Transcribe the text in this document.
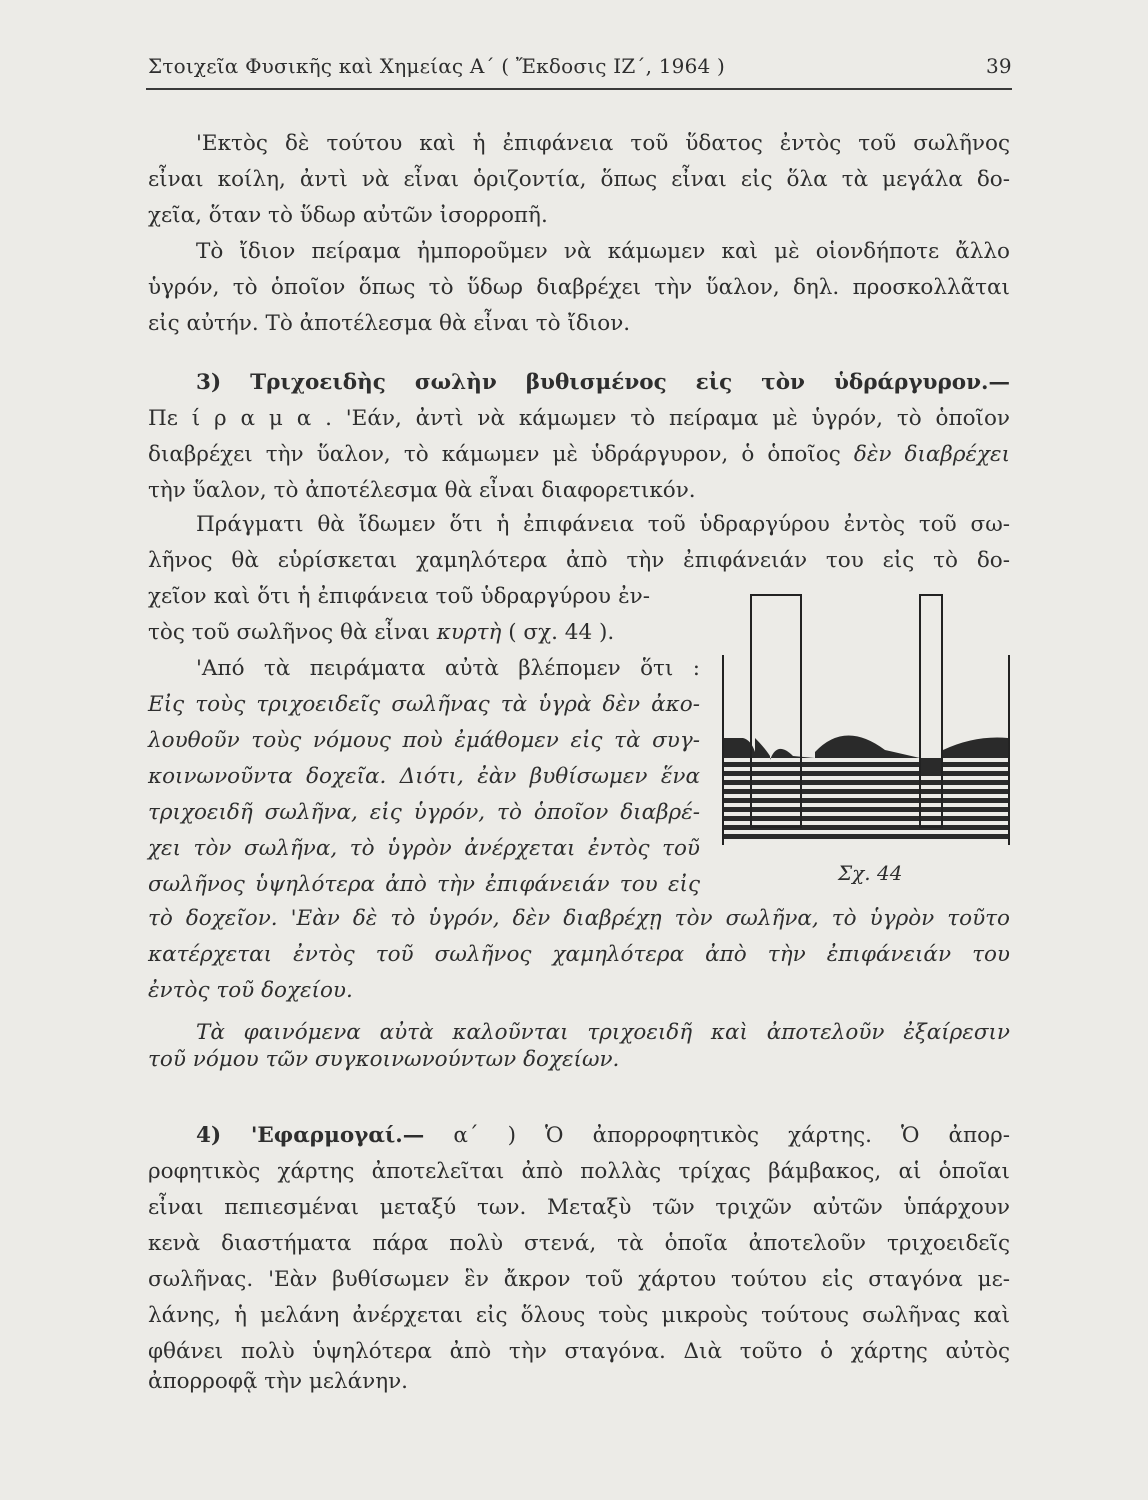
Στοιχεῖα Φυσικῆς καὶ Χημείας Α΄ ( Ἔκδοσις ΙΖ΄, 1964 )	39
'Εκτὸς δὲ τούτου καὶ ἡ ἐπιφάνεια τοῦ ὕδατος ἐντὸς τοῦ σωλῆνος
εἶναι κοίλη, ἀντὶ νὰ εἶναι ὁριζοντία, ὅπως εἶναι εἰς ὅλα τὰ μεγάλα δο-
χεῖα, ὅταν τὸ ὕδωρ αὐτῶν ἰσορροπῆ.
Τὸ ἴδιον πείραμα ἠμποροῦμεν νὰ κάμωμεν καὶ μὲ οἱονδήποτε ἄλλο
ὑγρόν, τὸ ὁποῖον ὅπως τὸ ὕδωρ διαβρέχει τὴν ὕαλον, δηλ. προσκολλᾶται
εἰς αὐτήν. Τὸ ἀποτέλεσμα θὰ εἶναι τὸ ἴδιον.
3) Τριχοειδὴς σωλὴν βυθισμένος εἰς τὸν ὑδράργυρον.—
Πε ί ρ α μ α . 'Εάν, ἀντὶ νὰ κάμωμεν τὸ πείραμα μὲ ὑγρόν, τὸ ὁποῖον
διαβρέχει τὴν ὕαλον, τὸ κάμωμεν μὲ ὑδράργυρον, ὁ ὁποῖος δὲν διαβρέχει
τὴν ὕαλον, τὸ ἀποτέλεσμα θὰ εἶναι διαφορετικόν.
Πράγματι θὰ ἴδωμεν ὅτι ἡ ἐπιφάνεια τοῦ ὑδραργύρου ἐντὸς τοῦ σω-
λῆνος θὰ εὑρίσκεται χαμηλότερα ἀπὸ τὴν ἐπιφάνειάν του εἰς τὸ δο-
χεῖον καὶ ὅτι ἡ ἐπιφάνεια τοῦ ὑδραργύρου ἐν-
τὸς τοῦ σωλῆνος θὰ εἶναι κυρτὴ ( σχ. 44 ).
'Από τὰ πειράματα αὐτὰ βλέπομεν ὅτι :
Εἰς τοὺς τριχοειδεῖς σωλῆνας τὰ ὑγρὰ δὲν ἀκο-
λουθοῦν τοὺς νόμους ποὺ ἐμάθομεν εἰς τὰ συγ-
κοινωνοῦντα δοχεῖα. Διότι, ἐὰν βυθίσωμεν ἕνα
τριχοειδῆ σωλῆνα, εἰς ὑγρόν, τὸ ὁποῖον διαβρέ-
χει τὸν σωλῆνα, τὸ ὑγρὸν ἀνέρχεται ἐντὸς τοῦ
σωλῆνος ὑψηλότερα ἀπὸ τὴν ἐπιφάνειάν του εἰς
τὸ δοχεῖον. 'Εὰν δὲ τὸ ὑγρόν, δὲν διαβρέχῃ τὸν σωλῆνα, τὸ ὑγρὸν τοῦτο
κατέρχεται ἐντὸς τοῦ σωλῆνος χαμηλότερα ἀπὸ τὴν ἐπιφάνειάν του
ἐντὸς τοῦ δοχείου.
Τὰ φαινόμενα αὐτὰ καλοῦνται τριχοειδῆ καὶ ἀποτελοῦν ἐξαίρεσιν
τοῦ νόμου τῶν συγκοινωνούντων δοχείων.
4) 'Εφαρμογαί.— α΄ ) Ὁ ἀπορροφητικὸς χάρτης. Ὁ ἀπορ-
ροφητικὸς χάρτης ἀποτελεῖται ἀπὸ πολλὰς τρίχας βάμβακος, αἱ ὁποῖαι
εἶναι πεπιεσμέναι μεταξύ των. Μεταξὺ τῶν τριχῶν αὐτῶν ὑπάρχουν
κενὰ διαστήματα πάρα πολὺ στενά, τὰ ὁποῖα ἀποτελοῦν τριχοειδεῖς
σωλῆνας. 'Εὰν βυθίσωμεν ἓν ἄκρον τοῦ χάρτου τούτου εἰς σταγόνα με-
λάνης, ἡ μελάνη ἀνέρχεται εἰς ὅλους τοὺς μικροὺς τούτους σωλῆνας καὶ
φθάνει πολὺ ὑψηλότερα ἀπὸ τὴν σταγόνα. Διὰ τοῦτο ὁ χάρτης αὐτὸς
ἀπορροφᾷ τὴν μελάνην.
Σχ. 44
